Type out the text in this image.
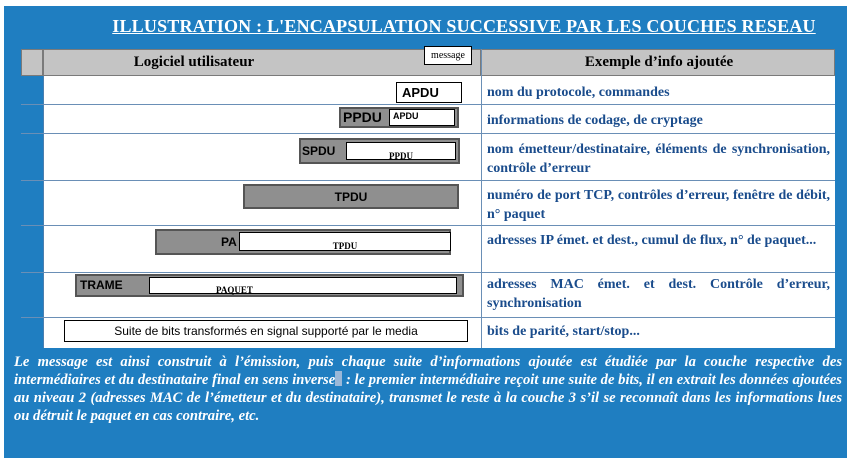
ILLUSTRATION : L'ENCAPSULATION SUCCESSIVE PAR LES COUCHES RESEAU
Logiciel utilisateur	message	Exemple d’info ajoutée
APDU	nom du protocole, commandes
PPDU	APDU	informations de codage, de cryptage
SPDU	PPDU	nom émetteur/destinataire, éléments de synchronisation, contrôle d’erreur
TPDU	numéro de port TCP, contrôles d’erreur, fenêtre de débit, n° paquet
PA	TPDU	adresses IP émet. et dest., cumul de flux, n° de paquet...
TRAME	PAQUET	adresses MAC émet. et dest. Contrôle d’erreur, synchronisation
Suite de bits transformés en signal supporté par le media	bits de parité, start/stop...
Le message est ainsi construit à l’émission, puis chaque suite d’informations ajoutée est étudiée par la couche respective des intermédiaires et du destinataire final en sens inverse : le premier intermédiaire reçoit une suite de bits, il en extrait les données ajoutées au niveau 2 (adresses MAC de l’émetteur et du destinataire), transmet le reste à la couche 3 s’il se reconnaît dans les informations lues ou détruit le paquet en cas contraire, etc.
